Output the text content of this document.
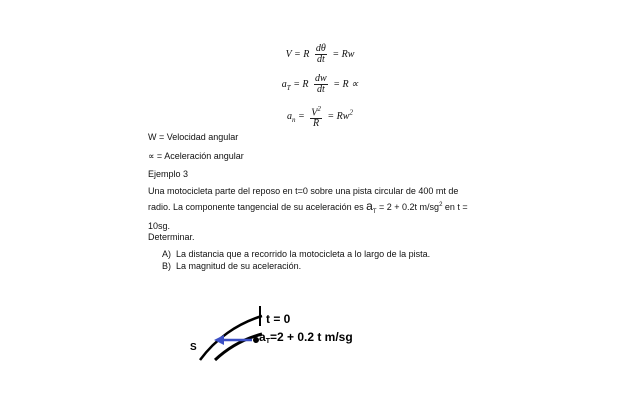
V = R $\frac{d\theta}{dt} = Rw$
$a_T = R \frac{dw}{dt} = R$ ∝
$a_n = \frac{V^2}{R} = Rw^2$
W = Velocidad angular
∝ = Aceleración angular
Ejemplo 3
Una motocicleta parte del reposo en t=0 sobre una pista circular de 400 mt de
radio. La componente tangencial de su aceleración es $a_T = 2 + 0.2t$ $m/sg^2$ en t =
10sg.
Determinar.
A) La distancia que a recorrido la motocicleta a lo largo de la pista.
B) La magnitud de su aceleración.
t = 0
aT=2 + 0.2 t m/sg
S
